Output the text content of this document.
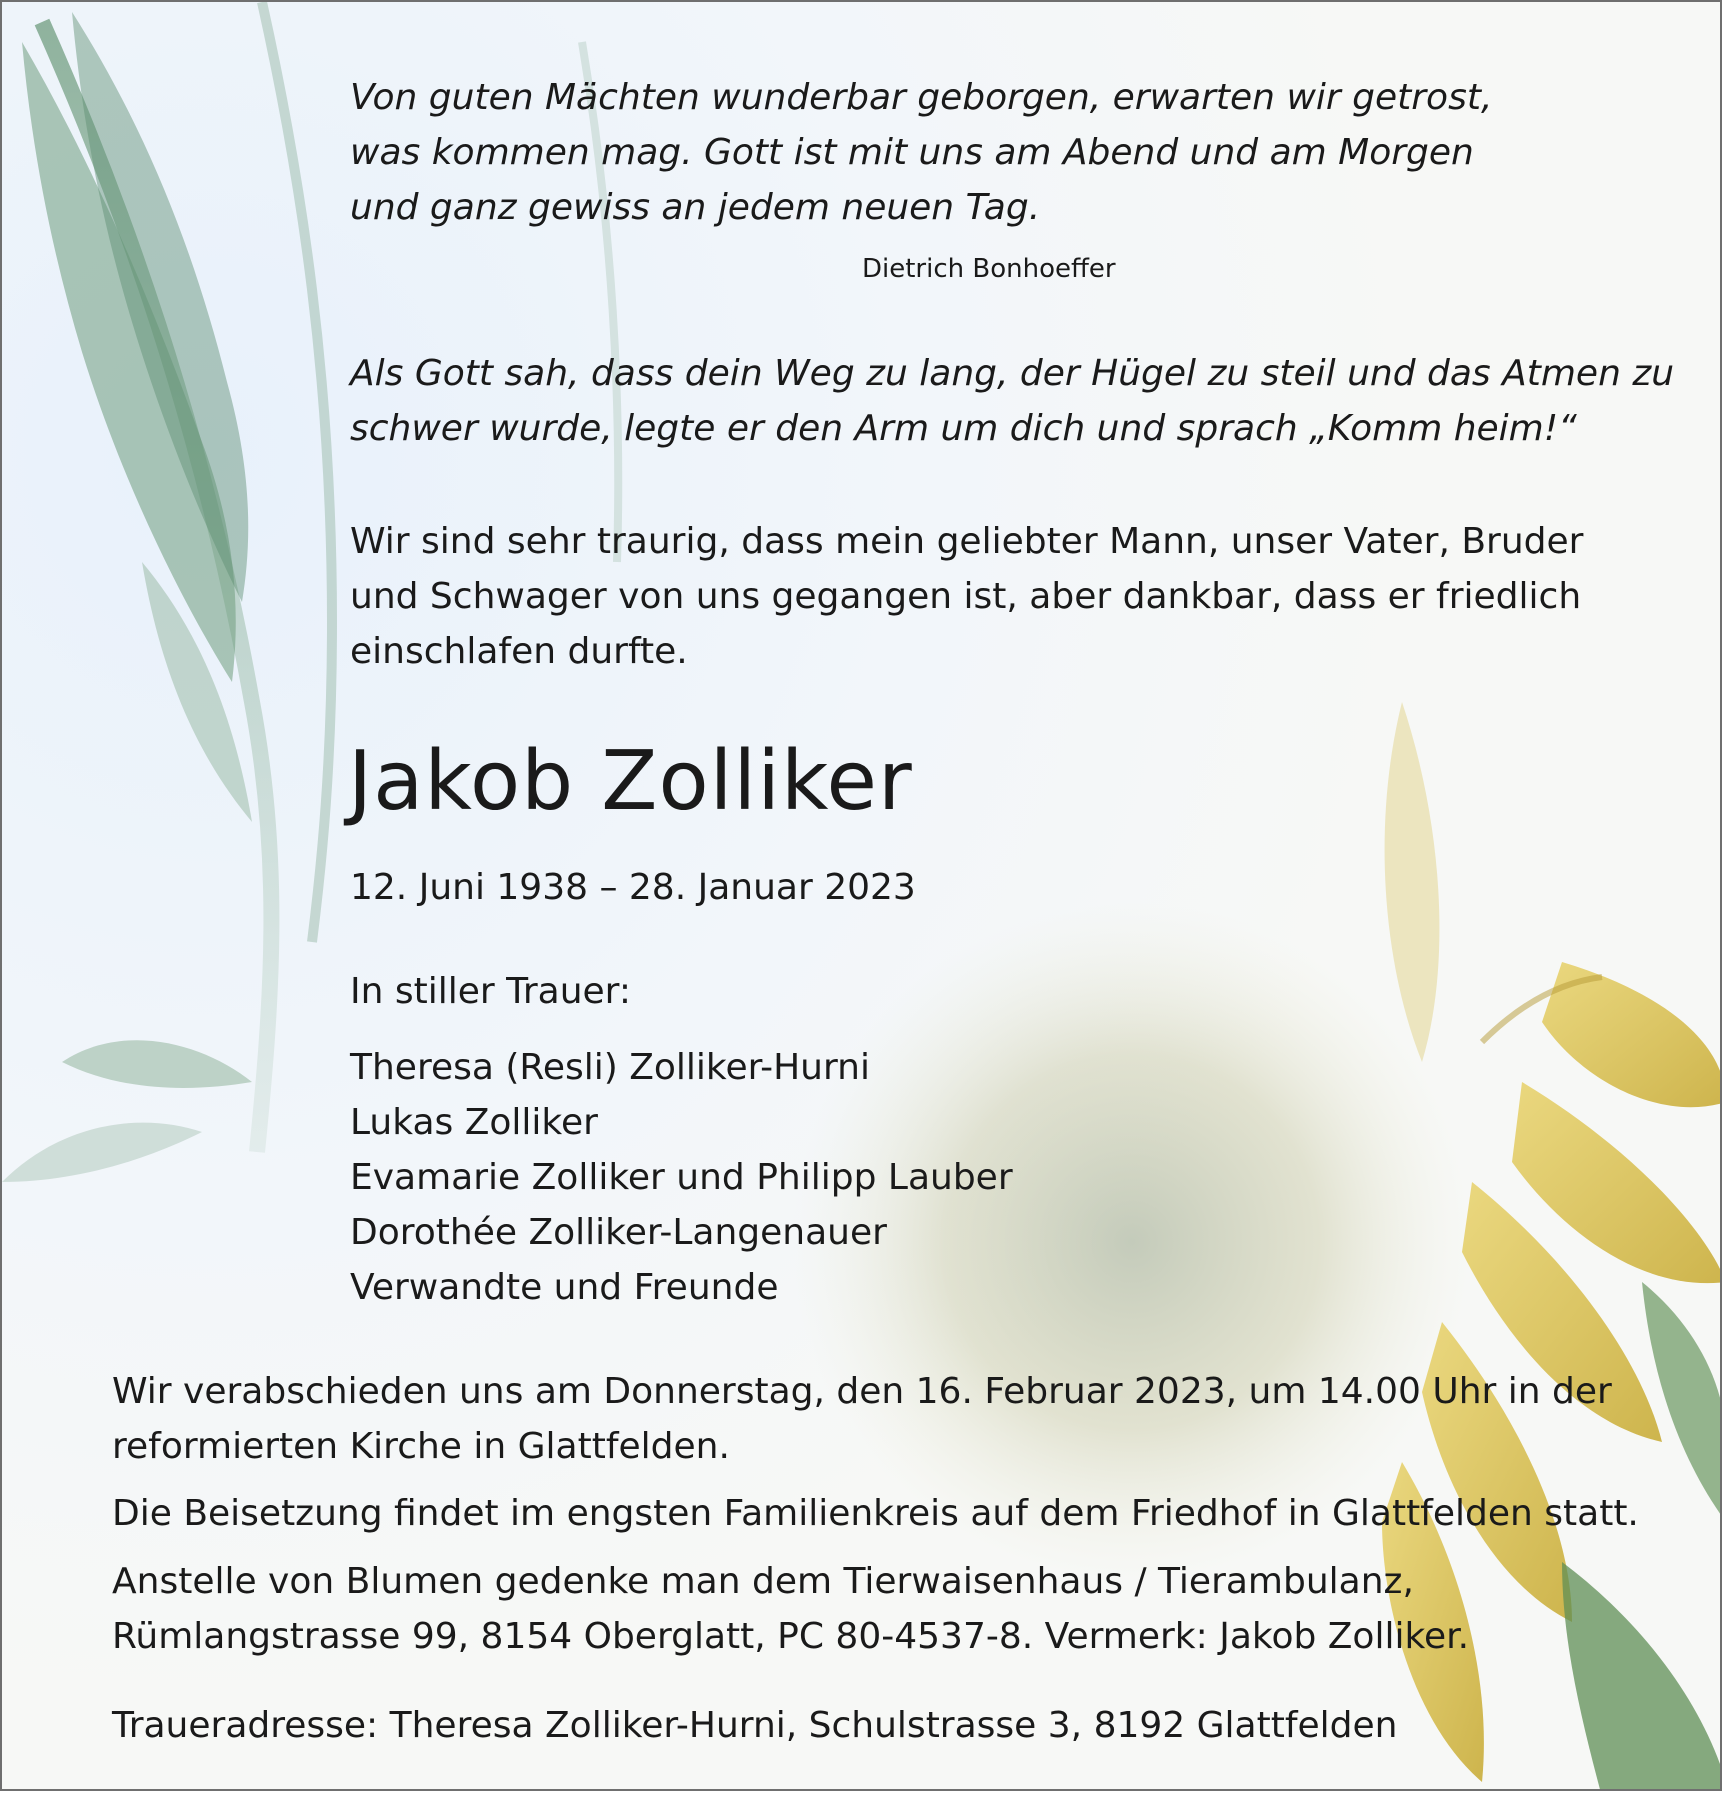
Von guten Mächten wunderbar geborgen, erwarten wir getrost,
was kommen mag. Gott ist mit uns am Abend und am Morgen
und ganz gewiss an jedem neuen Tag.
Dietrich Bonhoeffer
Als Gott sah, dass dein Weg zu lang, der Hügel zu steil und das Atmen zu
schwer wurde, legte er den Arm um dich und sprach „Komm heim!“
Wir sind sehr traurig, dass mein geliebter Mann, unser Vater, Bruder
und Schwager von uns gegangen ist, aber dankbar, dass er friedlich
einschlafen durfte.
Jakob Zolliker
12. Juni 1938 – 28. Januar 2023
In stiller Trauer:
Theresa (Resli) Zolliker-Hurni
Lukas Zolliker
Evamarie Zolliker und Philipp Lauber
Dorothée Zolliker-Langenauer
Verwandte und Freunde
Wir verabschieden uns am Donnerstag, den 16. Februar 2023, um 14.00 Uhr in der
reformierten Kirche in Glattfelden.
Die Beisetzung findet im engsten Familienkreis auf dem Friedhof in Glattfelden statt.
Anstelle von Blumen gedenke man dem Tierwaisenhaus / Tierambulanz,
Rümlangstrasse 99, 8154 Oberglatt, PC 80-4537-8. Vermerk: Jakob Zolliker.
Traueradresse: Theresa Zolliker-Hurni, Schulstrasse 3, 8192 Glattfelden
